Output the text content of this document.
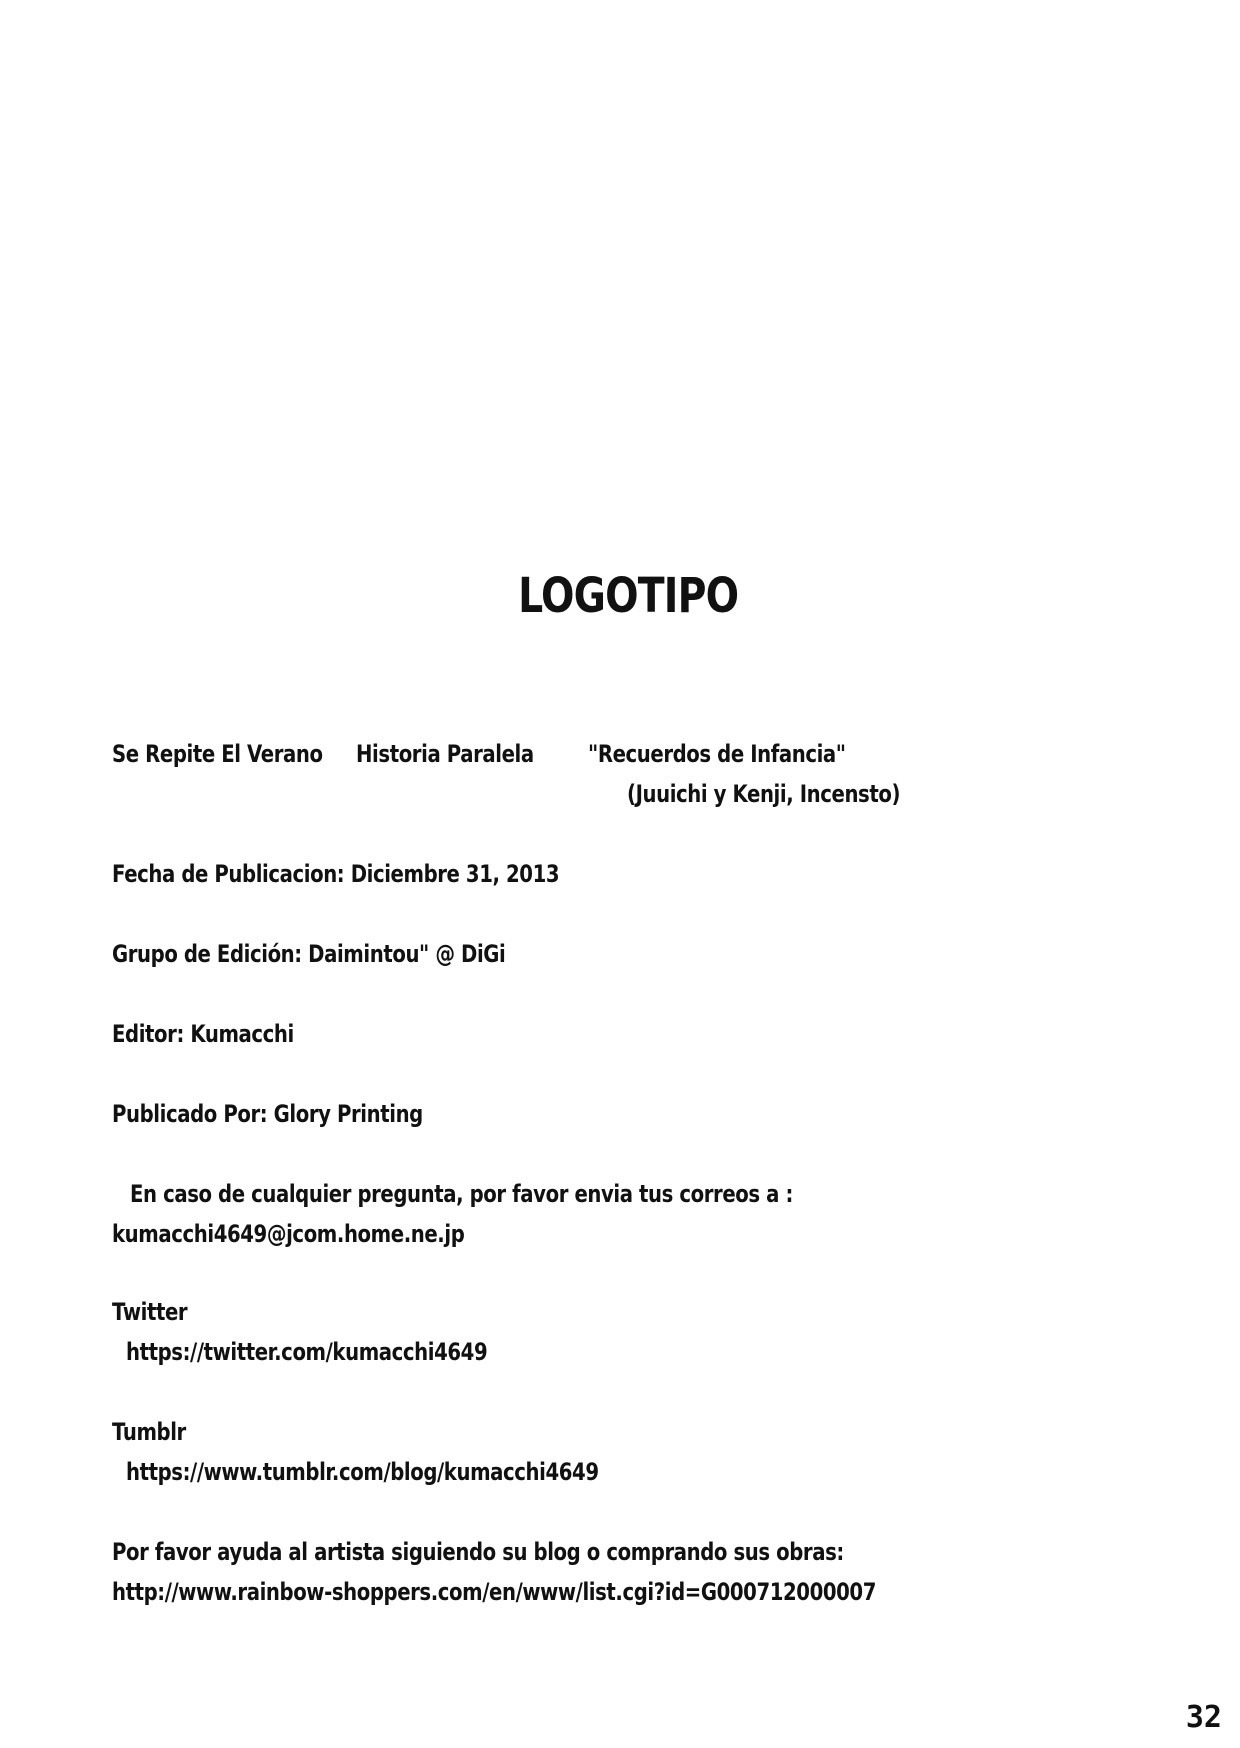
LOGOTIPO
Se Repite El Verano Historia Paralela "Recuerdos de Infancia"
(Juuichi y Kenji, Incensto)
Fecha de Publicacion: Diciembre 31, 2013
Grupo de Edición: Daimintou" @ DiGi
Editor: Kumacchi
Publicado Por: Glory Printing
En caso de cualquier pregunta, por favor envia tus correos a :
kumacchi4649@jcom.home.ne.jp
Twitter
https://twitter.com/kumacchi4649
Tumblr
https://www.tumblr.com/blog/kumacchi4649
Por favor ayuda al artista siguiendo su blog o comprando sus obras:
http://www.rainbow-shoppers.com/en/www/list.cgi?id=G000712000007
32
